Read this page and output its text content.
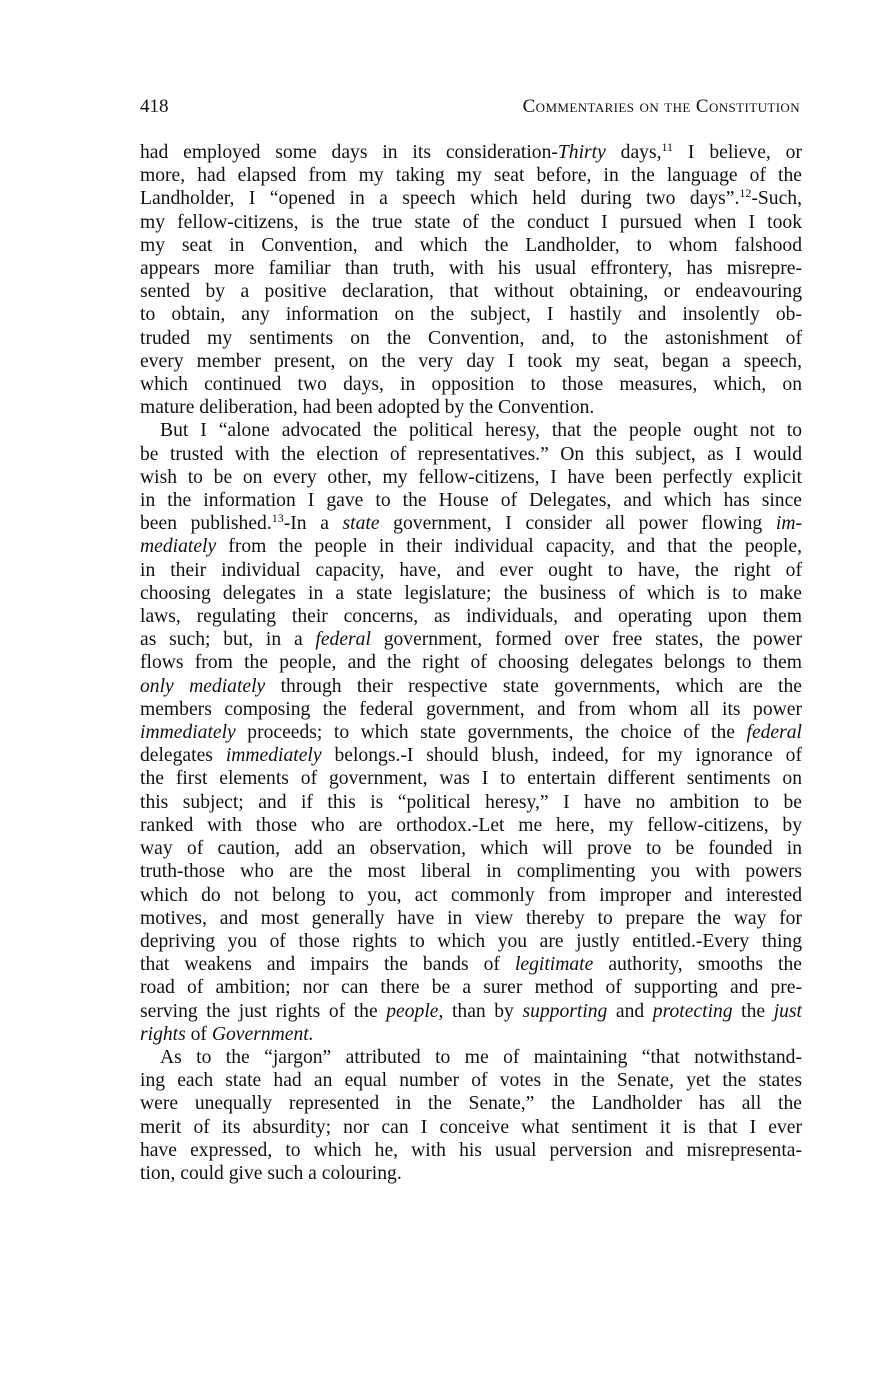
418	Commentaries on the Constitution

had employed some days in its consideration-Thirty days,$^{11}$ I believe, or

more, had elapsed from my taking my seat before, in the language of the

Landholder, I “opened in a speech which held during two days”.$^{12}$-Such,

my fellow-citizens, is the true state of the conduct I pursued when I took

my seat in Convention, and which the Landholder, to whom falshood

appears more familiar than truth, with his usual effrontery, has misrepre-

sented by a positive declaration, that without obtaining, or endeavouring

to obtain, any information on the subject, I hastily and insolently ob-

truded my sentiments on the Convention, and, to the astonishment of

every member present, on the very day I took my seat, began a speech,

which continued two days, in opposition to those measures, which, on

mature deliberation, had been adopted by the Convention.

But I “alone advocated the political heresy, that the people ought not to

be trusted with the election of representatives.” On this subject, as I would

wish to be on every other, my fellow-citizens, I have been perfectly explicit

in the information I gave to the House of Delegates, and which has since

been published.$^{13}$-In a state government, I consider all power flowing im-

mediately from the people in their individual capacity, and that the people,

in their individual capacity, have, and ever ought to have, the right of

choosing delegates in a state legislature; the business of which is to make

laws, regulating their concerns, as individuals, and operating upon them

as such; but, in a federal government, formed over free states, the power

flows from the people, and the right of choosing delegates belongs to them

only mediately through their respective state governments, which are the

members composing the federal government, and from whom all its power

immediately proceeds; to which state governments, the choice of the federal

delegates immediately belongs.-I should blush, indeed, for my ignorance of

the first elements of government, was I to entertain different sentiments on

this subject; and if this is “political heresy,” I have no ambition to be

ranked with those who are orthodox.-Let me here, my fellow-citizens, by

way of caution, add an observation, which will prove to be founded in

truth-those who are the most liberal in complimenting you with powers

which do not belong to you, act commonly from improper and interested

motives, and most generally have in view thereby to prepare the way for

depriving you of those rights to which you are justly entitled.-Every thing

that weakens and impairs the bands of legitimate authority, smooths the

road of ambition; nor can there be a surer method of supporting and pre-

serving the just rights of the people, than by supporting and protecting the just

rights of Government.

As to the “jargon” attributed to me of maintaining “that notwithstand-

ing each state had an equal number of votes in the Senate, yet the states

were unequally represented in the Senate,” the Landholder has all the

merit of its absurdity; nor can I conceive what sentiment it is that I ever

have expressed, to which he, with his usual perversion and misrepresenta-

tion, could give such a colouring.
